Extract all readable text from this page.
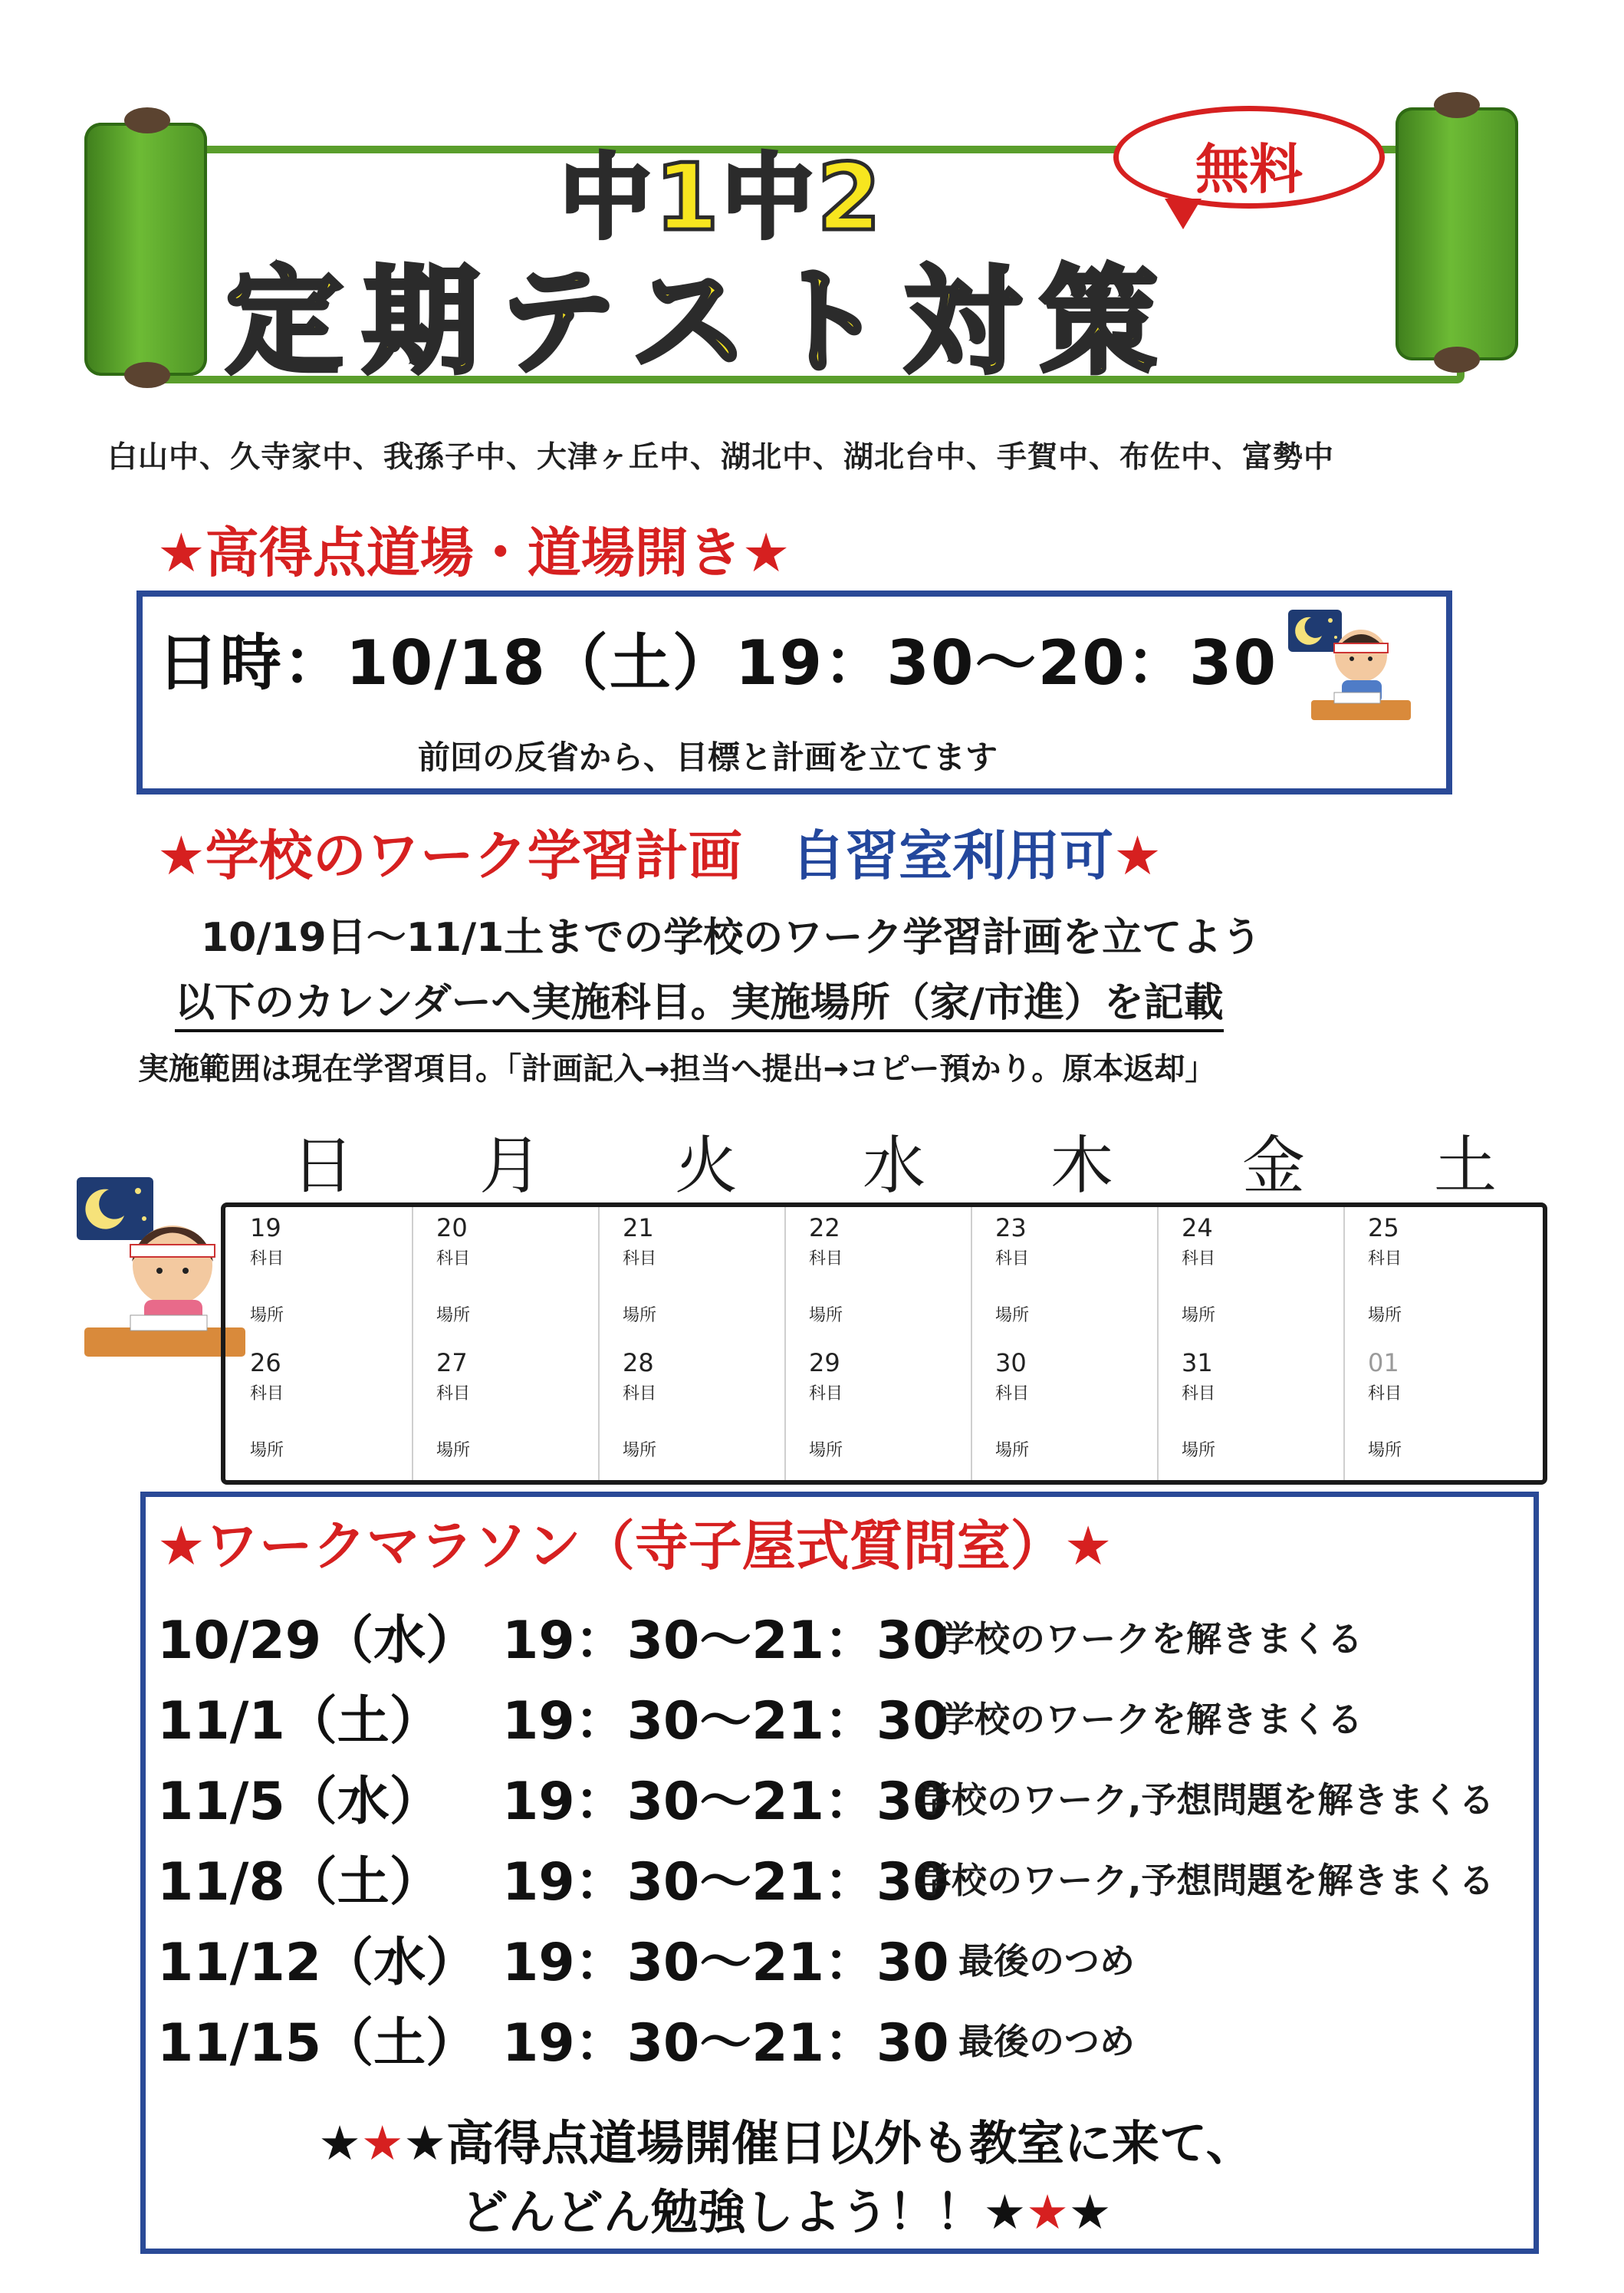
中1中2
定期テスト対策
無料
白山中、久寺家中、我孫子中、大津ヶ丘中、湖北中、湖北台中、手賀中、布佐中、富勢中
★高得点道場・道場開き★
日時：10/18（土）19：30〜20：30
前回の反省から、目標と計画を立てます
★学校のワーク学習計画 自習室利用可★
10/19日〜11/1土までの学校のワーク学習計画を立てよう
以下のカレンダーへ実施科目。実施場所（家/市進）を記載
実施範囲は現在学習項目。「計画記入→担当へ提出→コピー預かり。原本返却」
日 月 火 水 木 金 土
19
科目
場所
20
科目
場所
21
科目
場所
22
科目
場所
23
科目
場所
24
科目
場所
25
科目
場所
26
科目
場所
27
科目
場所
28
科目
場所
29
科目
場所
30
科目
場所
31
科目
場所
01
科目
場所
★ワークマラソン（寺子屋式質問室）★
10/29（水） 19：30〜21：30
学校のワークを解きまくる
11/1（土） 19：30〜21：30
学校のワークを解きまくる
11/5（水） 19：30〜21：30
学校のワーク,予想問題を解きまくる
11/8（土） 19：30〜21：30
学校のワーク,予想問題を解きまくる
11/12（水） 19：30〜21：30 最後のつめ
11/15（土） 19：30〜21：30 最後のつめ
★★★高得点道場開催日以外も教室に来て、
どんどん勉強しよう！！★★★
